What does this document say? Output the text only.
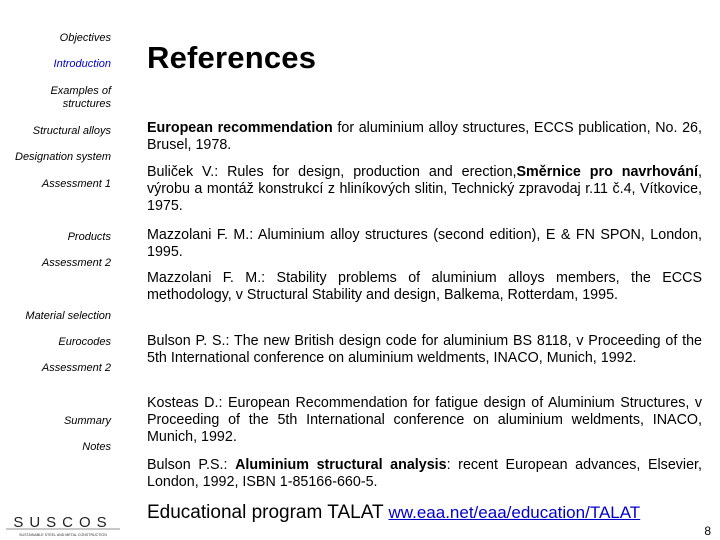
Objectives
Introduction
Examples of structures
Structural alloys
Designation system
Assessment 1
Products
Assessment 2
Material selection
Eurocodes
Assessment 2
Summary
Notes
References
European recommendation for aluminium alloy structures, ECCS publication, No. 26, Brusel, 1978.
Buliček V.: Rules for design, production and erection,Směrnice pro navrhování, výrobu a montáž konstrukcí z hliníkových slitin, Technický zpravodaj r.11 č.4, Vítkovice, 1975.
Mazzolani F. M.: Aluminium alloy structures (second edition), E & FN SPON, London, 1995.
Mazzolani F. M.: Stability problems of aluminium alloys members, the ECCS methodology, v Structural Stability and design, Balkema, Rotterdam, 1995.
Bulson P. S.: The new British design code for aluminium BS 8118, v Proceeding of the 5th International conference on aluminium weldments, INACO, Munich, 1992.
Kosteas D.: European Recommendation for fatigue design of Aluminium Structures, v Proceeding of the 5th International conference on aluminium weldments, INACO, Munich, 1992.
Bulson P.S.: Aluminium structural analysis: recent European advances, Elsevier, London, 1992, ISBN 1-85166-660-5.
Educational program TALAT ww.eaa.net/eaa/education/TALAT
8
SUSCOS
SUSTAINABLE STEEL AND METAL CONSTRUCTION
